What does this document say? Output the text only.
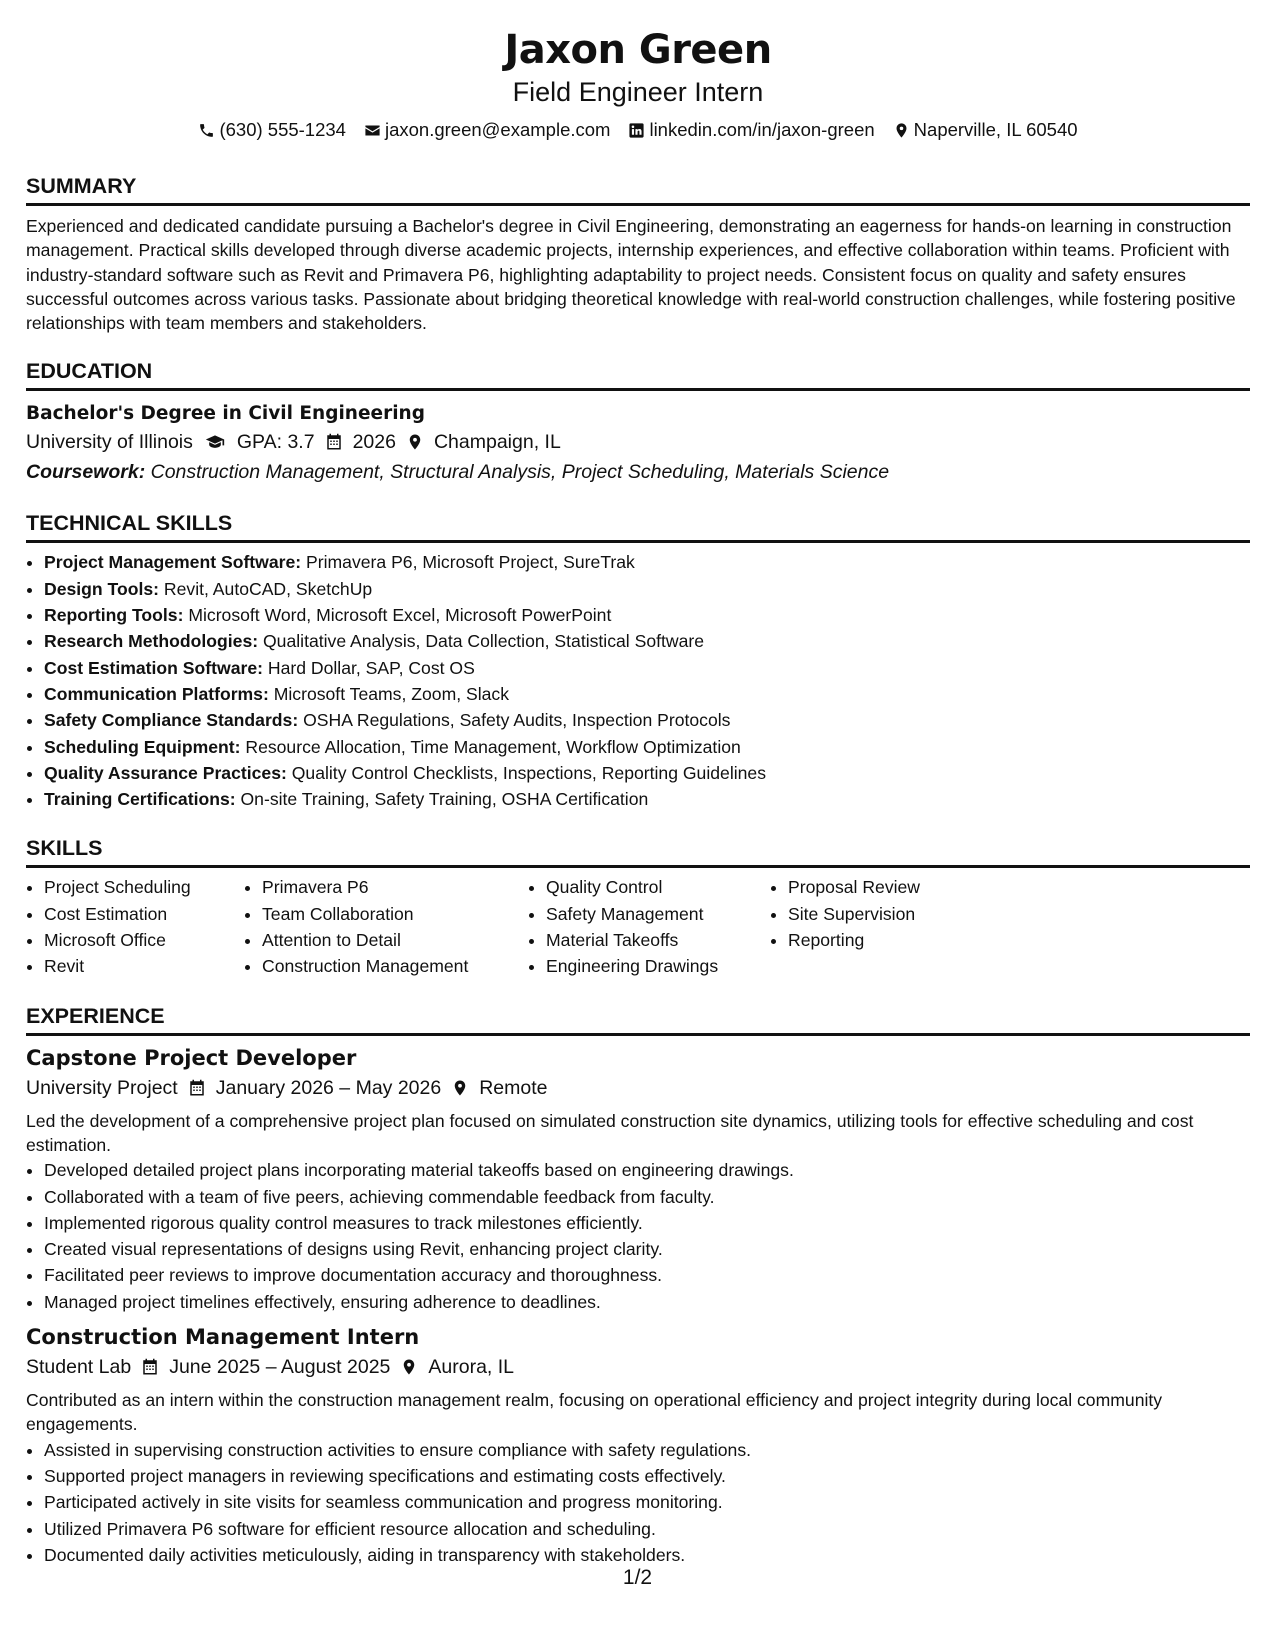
Jaxon Green
Field Engineer Intern
(630) 555-1234 jaxon.green@example.com linkedin.com/in/jaxon-green Naperville, IL 60540
SUMMARY
Experienced and dedicated candidate pursuing a Bachelor's degree in Civil Engineering, demonstrating an eagerness for hands-on learning in construction management. Practical skills developed through diverse academic projects, internship experiences, and effective collaboration within teams. Proficient with industry-standard software such as Revit and Primavera P6, highlighting adaptability to project needs. Consistent focus on quality and safety ensures successful outcomes across various tasks. Passionate about bridging theoretical knowledge with real-world construction challenges, while fostering positive relationships with team members and stakeholders.
EDUCATION
Bachelor's Degree in Civil Engineering
University of Illinois GPA: 3.7 2026 Champaign, IL
Coursework: Construction Management, Structural Analysis, Project Scheduling, Materials Science
TECHNICAL SKILLS
• Project Management Software: Primavera P6, Microsoft Project, SureTrak
• Design Tools: Revit, AutoCAD, SketchUp
• Reporting Tools: Microsoft Word, Microsoft Excel, Microsoft PowerPoint
• Research Methodologies: Qualitative Analysis, Data Collection, Statistical Software
• Cost Estimation Software: Hard Dollar, SAP, Cost OS
• Communication Platforms: Microsoft Teams, Zoom, Slack
• Safety Compliance Standards: OSHA Regulations, Safety Audits, Inspection Protocols
• Scheduling Equipment: Resource Allocation, Time Management, Workflow Optimization
• Quality Assurance Practices: Quality Control Checklists, Inspections, Reporting Guidelines
• Training Certifications: On-site Training, Safety Training, OSHA Certification
SKILLS
• Project Scheduling
• Cost Estimation
• Microsoft Office
• Revit
• Primavera P6
• Team Collaboration
• Attention to Detail
• Construction Management
• Quality Control
• Safety Management
• Material Takeoffs
• Engineering Drawings
• Proposal Review
• Site Supervision
• Reporting
EXPERIENCE
Capstone Project Developer
University Project January 2026 – May 2026 Remote
Led the development of a comprehensive project plan focused on simulated construction site dynamics, utilizing tools for effective scheduling and cost estimation.
• Developed detailed project plans incorporating material takeoffs based on engineering drawings.
• Collaborated with a team of five peers, achieving commendable feedback from faculty.
• Implemented rigorous quality control measures to track milestones efficiently.
• Created visual representations of designs using Revit, enhancing project clarity.
• Facilitated peer reviews to improve documentation accuracy and thoroughness.
• Managed project timelines effectively, ensuring adherence to deadlines.
Construction Management Intern
Student Lab June 2025 – August 2025 Aurora, IL
Contributed as an intern within the construction management realm, focusing on operational efficiency and project integrity during local community engagements.
• Assisted in supervising construction activities to ensure compliance with safety regulations.
• Supported project managers in reviewing specifications and estimating costs effectively.
• Participated actively in site visits for seamless communication and progress monitoring.
• Utilized Primavera P6 software for efficient resource allocation and scheduling.
• Documented daily activities meticulously, aiding in transparency with stakeholders.
1/2
